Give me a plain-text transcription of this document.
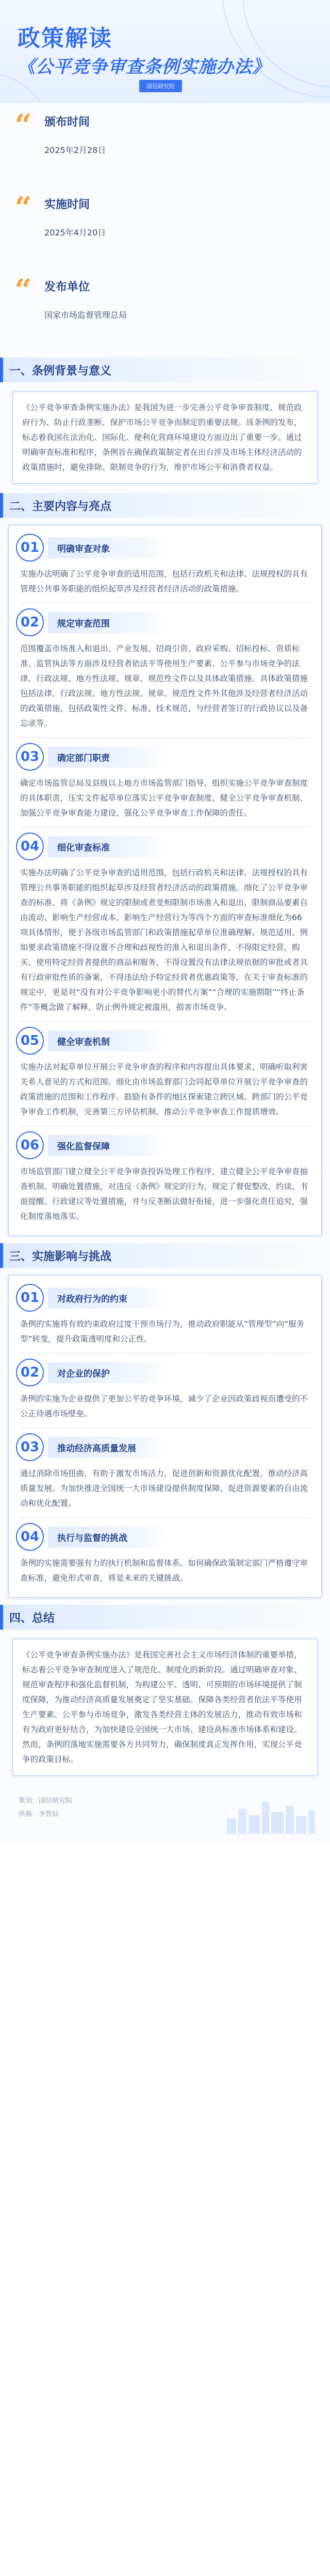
政策解读
《公平竞争审查条例实施办法》
国信研究院
“ 颁布时间
2025年2月28日
“ 实施时间
2025年4月20日
“ 发布单位
国家市场监督管理总局
一、条例背景与意义

《公平竞争审查条例实施办法》是我国为进一步完善公平竞争审查制度、规范政府行为、防止行政垄断、保护市场公平竞争而制定的重要法规。该条例的发布，标志着我国在法治化、国际化、便利化营商环境建设方面迈出了重要一步。通过明确审查标准和程序，条例旨在确保政策制定者在出台涉及市场主体经济活动的政策措施时，避免排除、限制竞争的行为，维护市场公平和消费者权益。

二、主要内容与亮点
01	明确审查对象
实施办法明确了公平竞争审查的适用范围，包括行政机关和法律、法规授权的具有管理公共事务职能的组织起草涉及经营者经济活动的政策措施。
02	规定审查范围
范围覆盖市场准入和退出、产业发展、招商引资、政府采购、招标投标、资质标准、监管执法等方面涉及经营者依法平等使用生产要素、公平参与市场竞争的法律、行政法规、地方性法规、规章、规范性文件以及具体政策措施。具体政策措施包括法律、行政法规、地方性法规、规章、规范性文件外其他涉及经营者经济活动的政策措施，包括政策性文件、标准、技术规范、与经营者签订的行政协议以及备忘录等。
03	确定部门职责
确定市场监管总局及县级以上地方市场监管部门指导、组织实施公平竞争审查制度的具体职责，压实文件起草单位落实公平竞争审查制度、健全公平竞争审查机制、加强公平竞争审查能力建设、强化公平竞争审查工作保障的责任。
04	细化审查标准
实施办法明确了公平竞争审查的适用范围，包括行政机关和法律、法规授权的具有管理公共事务职能的组织起草涉及经营者经济活动的政策措施。细化了公平竞争审查的标准，将《条例》规定的限制或者变相限制市场准入和退出、限制商品要素自由流动、影响生产经营成本、影响生产经营行为等四个方面的审查标准细化为66项具体情形，便于各级市场监管部门和政策措施起草单位准确理解、规范适用。例如要求政策措施不得设置不合理和歧视性的准入和退出条件，不得限定经营、购买、使用特定经营者提供的商品和服务，不得设置没有法律法规依据的审批或者具有行政审批性质的备案，不得违法给予特定经营者优惠政策等。在关于审查标准的规定中，更是对“没有对公平竞争影响更小的替代方案”“合理的实施期限”“终止条件”等概念做了解释，防止例外规定被滥用，损害市场竞争。
05	健全审查机制
实施办法对起草单位开展公平竞争审查的程序和内容提出具体要求，明确听取利害关系人意见的方式和范围。细化由市场监督部门会同起草单位开展公平竞争审查的政策措施的范围和工作程序。鼓励有条件的地区探索建立跨区域、跨部门的公平竞争审查工作机制，完善第三方评估机制、推动公平竞争审查工作提质增效。
06	强化监督保障
市场监管部门建立健全公平竞争审查投诉处理工作程序，建立健全公平竞争审查抽查机制、明确处置措施，对违反《条例》规定的行为，规定了督促整改、约谈、书面提醒、行政建议等处置措施，并与反垄断法做好衔接，进一步强化责任追究，强化制度落地落实。
三、实施影响与挑战
01	对政府行为的约束
条例的实施将有效约束政府过度干预市场行为，推动政府职能从“管理型”向“服务型”转变，提升政策透明度和公正性。
02	对企业的保护
条例的实施为企业提供了更加公平的竞争环境，减少了企业因政策歧视而遭受的不公正待遇市场壁垒。
03	推动经济高质量发展
通过消除市场扭曲，有助于激发市场活力，促进创新和资源优化配置，推动经济高质量发展。为加快推进全国统一大市场建设提供制度保障，促进资源要素的自由流动和优化配置。
04	执行与监督的挑战
条例的实施需要强有力的执行机制和监督体系。如何确保政策制定部门严格遵守审查标准，避免形式审查，将是未来的关键挑战。
四、总结

《公平竞争审查条例实施办法》是我国完善社会主义市场经济体制的重要举措，标志着公平竞争审查制度进入了规范化、制度化的新阶段。通过明确审查对象、规范审查程序和强化监督机制，为构建公平、透明、可预期的市场环境提供了制度保障，为推动经济高质量发展奠定了坚实基础。保障各类经营者依法平等使用生产要素、公平参与市场竞争，激发各类经营主体的发展活力，推动有效市场和有为政府更好结合，为加快建设全国统一大市场、建设高标准市场体系和建设。然而，条例的落地实施需要各方共同努力，确保制度真正发挥作用，实现公平竞争的政策目标。

策划：国信研究院
供稿：李智仙
